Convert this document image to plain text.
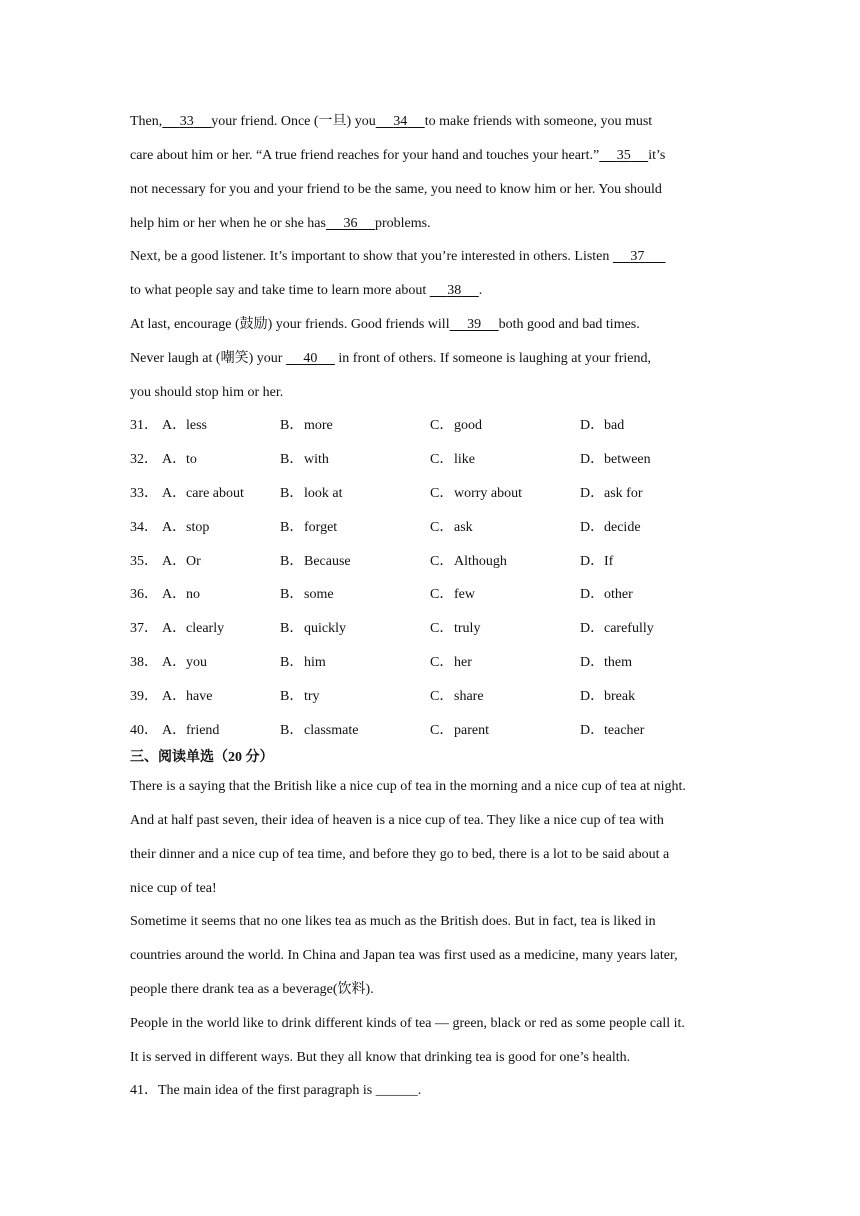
Then, 33 your friend. Once (一旦) you 34 to make friends with someone, you must
care about him or her. “A true friend reaches for your hand and touches your heart.” 35 it’s
not necessary for you and your friend to be the same, you need to know him or her. You should
help him or her when he or she has 36 problems.
Next, be a good listener. It’s important to show that you’re interested in others. Listen      37
to what people say and take time to learn more about      38 .
At last, encourage (鼓励) your friends. Good friends will 39 both good and bad times.
Never laugh at (嘲笑) your      40      in front of others. If someone is laughing at your friend,
you should stop him or her.
31． A．less	B．more	C．good	D．bad
32． A．to	B．with	C．like	D．between
33． A．care about	B．look at	C．worry about	D．ask for
34． A．stop	B．forget	C．ask	D．decide
35． A．Or	B．Because	C．Although	D．If
36． A．no	B．some	C．few	D．other
37． A．clearly	B．quickly	C．truly	D．carefully
38． A．you	B．him	C．her	D．them
39． A．have	B．try	C．share	D．break
40． A．friend	B．classmate	C．parent	D．teacher
三、阅读单选（20 分）
There is a saying that the British like a nice cup of tea in the morning and a nice cup of tea at night.
And at half past seven, their idea of heaven is a nice cup of tea. They like a nice cup of tea with
their dinner and a nice cup of tea time, and before they go to bed, there is a lot to be said about a
nice cup of tea!
Sometime it seems that no one likes tea as much as the British does. But in fact, tea is liked in
countries around the world. In China and Japan tea was first used as a medicine, many years later,
people there drank tea as a beverage(饮料).
People in the world like to drink different kinds of tea — green, black or red as some people call it.
It is served in different ways. But they all know that drinking tea is good for one’s health.
41．The main idea of the first paragraph is ______.
